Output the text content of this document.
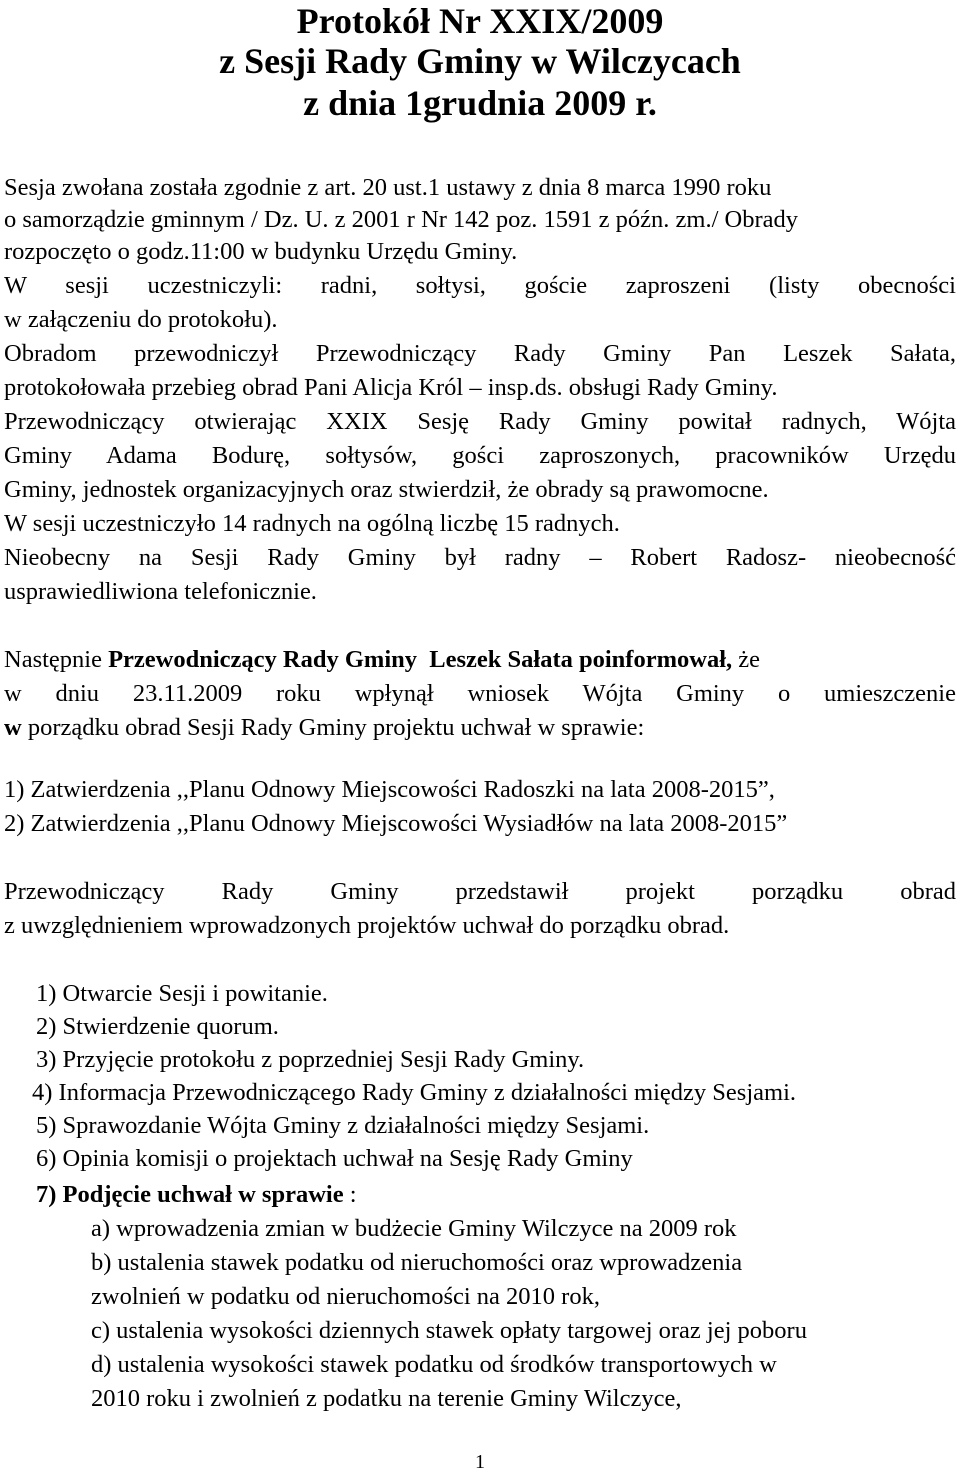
Protokół Nr XXIX/2009
z Sesji Rady Gminy w Wilczycach
z dnia 1grudnia 2009 r.
Sesja zwołana została zgodnie z art. 20 ust.1 ustawy z dnia 8 marca 1990 roku
o samorządzie gminnym / Dz. U. z 2001 r Nr 142 poz. 1591 z późn. zm./ Obrady
rozpoczęto o godz.11:00 w budynku Urzędu Gminy.
W sesji uczestniczyli: radni, sołtysi, goście zaproszeni (listy obecności
w załączeniu do protokołu).
Obradom przewodniczył Przewodniczący Rady Gminy Pan Leszek Sałata,
protokołowała przebieg obrad Pani Alicja Król – insp.ds. obsługi Rady Gminy.
Przewodniczący otwierając XXIX Sesję Rady Gminy powitał radnych, Wójta
Gminy Adama Bodurę, sołtysów, gości zaproszonych, pracowników Urzędu
Gminy, jednostek organizacyjnych oraz stwierdził, że obrady są prawomocne.
W sesji uczestniczyło 14 radnych na ogólną liczbę 15 radnych.
Nieobecny na Sesji Rady Gminy był radny – Robert Radosz- nieobecność
usprawiedliwiona telefonicznie.
Następnie Przewodniczący Rady Gminy Leszek Sałata poinformował, że
w dniu 23.11.2009 roku wpłynął wniosek Wójta Gminy o umieszczenie
w porządku obrad Sesji Rady Gminy projektu uchwał w sprawie:
1) Zatwierdzenia ,,Planu Odnowy Miejscowości Radoszki na lata 2008-2015”,
2) Zatwierdzenia ,,Planu Odnowy Miejscowości Wysiadłów na lata 2008-2015”
Przewodniczący Rady Gminy przedstawił projekt porządku obrad
z uwzględnieniem wprowadzonych projektów uchwał do porządku obrad.
1) Otwarcie Sesji i powitanie.
2) Stwierdzenie quorum.
3) Przyjęcie protokołu z poprzedniej Sesji Rady Gminy.
4) Informacja Przewodniczącego Rady Gminy z działalności między Sesjami.
5) Sprawozdanie Wójta Gminy z działalności między Sesjami.
6) Opinia komisji o projektach uchwał na Sesję Rady Gminy
7) Podjęcie uchwał w sprawie :
a) wprowadzenia zmian w budżecie Gminy Wilczyce na 2009 rok
b) ustalenia stawek podatku od nieruchomości oraz wprowadzenia
zwolnień w podatku od nieruchomości na 2010 rok,
c) ustalenia wysokości dziennych stawek opłaty targowej oraz jej poboru
d) ustalenia wysokości stawek podatku od środków transportowych w
2010 roku i zwolnień z podatku na terenie Gminy Wilczyce,
1
